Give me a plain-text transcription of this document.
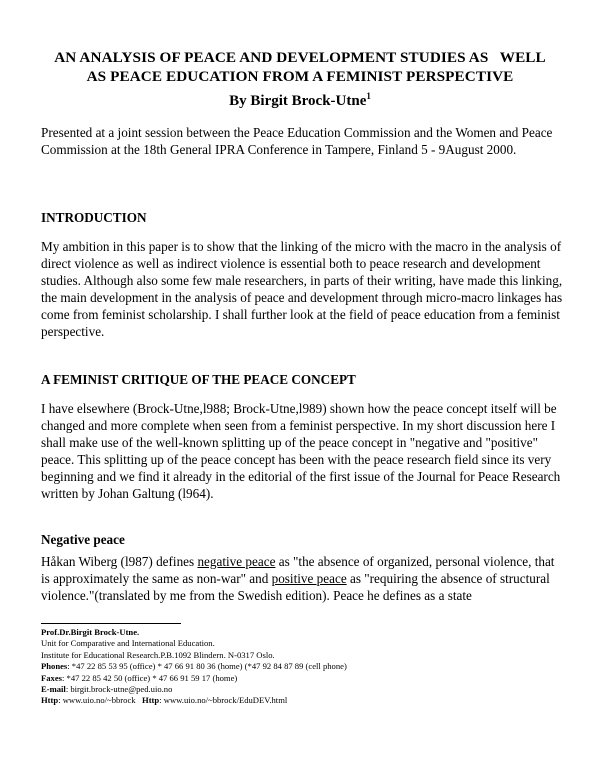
AN ANALYSIS OF PEACE AND DEVELOPMENT STUDIES AS   WELL
AS PEACE EDUCATION FROM A FEMINIST PERSPECTIVE
By Birgit Brock-Utne$^1$

Presented at a joint session between the Peace Education Commission and the Women and Peace Commission at the 18th General IPRA Conference in Tampere, Finland 5 - 9August 2000.

INTRODUCTION

My ambition in this paper is to show that the linking of the micro with the macro in the analysis of direct violence as well as indirect violence is essential both to peace research and development studies. Although also some few male researchers, in parts of their writing, have made this linking, the main development in the analysis of peace and development through micro-macro linkages has come from feminist scholarship. I shall further look at the field of peace education from a feminist perspective.

A FEMINIST CRITIQUE OF THE PEACE CONCEPT

I have elsewhere (Brock-Utne,l988; Brock-Utne,l989) shown how the peace concept itself will be changed and more complete when seen from a feminist perspective. In my short discussion here I shall make use of the well-known splitting up of the peace concept in "negative and "positive" peace. This splitting up of the peace concept has been with the peace research field since its very beginning and we find it already in the editorial of the first issue of the Journal for Peace Research written by Johan Galtung (l964).

Negative peace

Håkan Wiberg (l987) defines negative peace as "the absence of organized, personal violence, that is approximately the same as non-war" and positive peace as "requiring the absence of structural violence."(translated by me from the Swedish edition). Peace he defines as a state

Prof.Dr.Birgit Brock-Utne.
Unit for Comparative and International Education.
Institute for Educational Research.P.B.1092 Blindern. N-0317 Oslo.
Phones: *47 22 85 53 95 (office) * 47 66 91 80 36 (home) (*47 92 84 87 89 (cell phone)
Faxes: *47 22 85 42 50 (office) * 47 66 91 59 17 (home)
E-mail: birgit.brock-utne@ped.uio.no
Http: www.uio.no/~bbrock Http: www.uio.no/~bbrock/EduDEV.html
